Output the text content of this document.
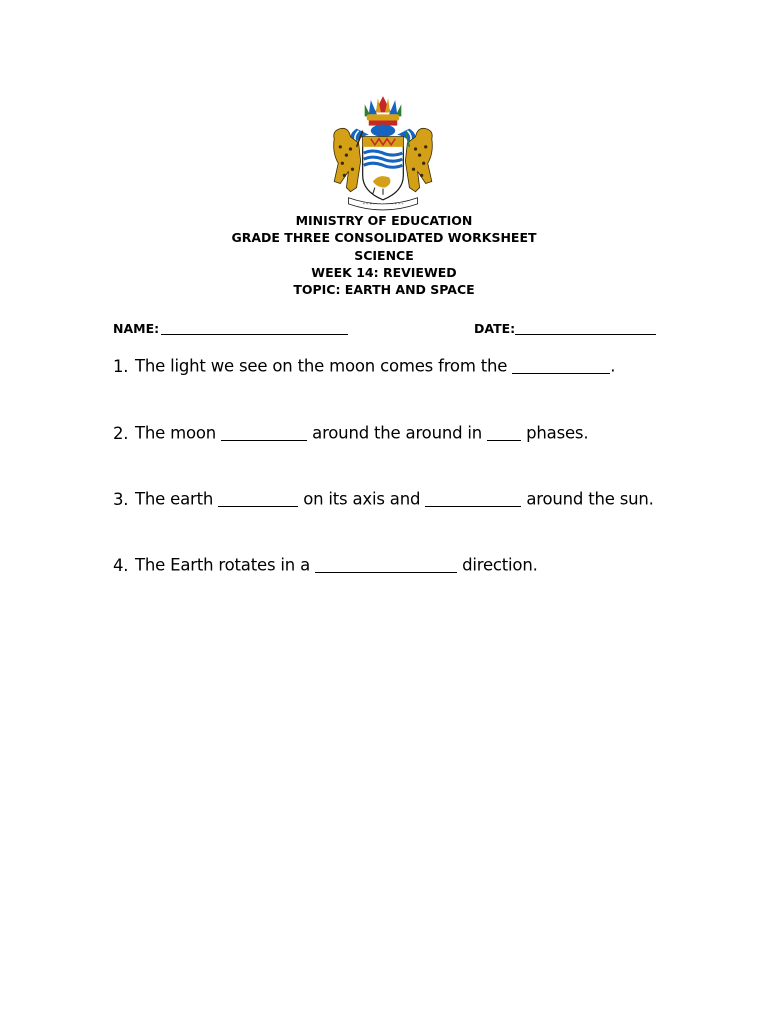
MINISTRY OF EDUCATION
GRADE THREE CONSOLIDATED WORKSHEET
SCIENCE
WEEK 14: REVIEWED
TOPIC: EARTH AND SPACE
NAME:	DATE:
1. The light we see on the moon comes from the	.
2. The moon	around the around in	phases.
3. The earth	on its axis and	around the sun.
4. The Earth rotates in a	direction.
